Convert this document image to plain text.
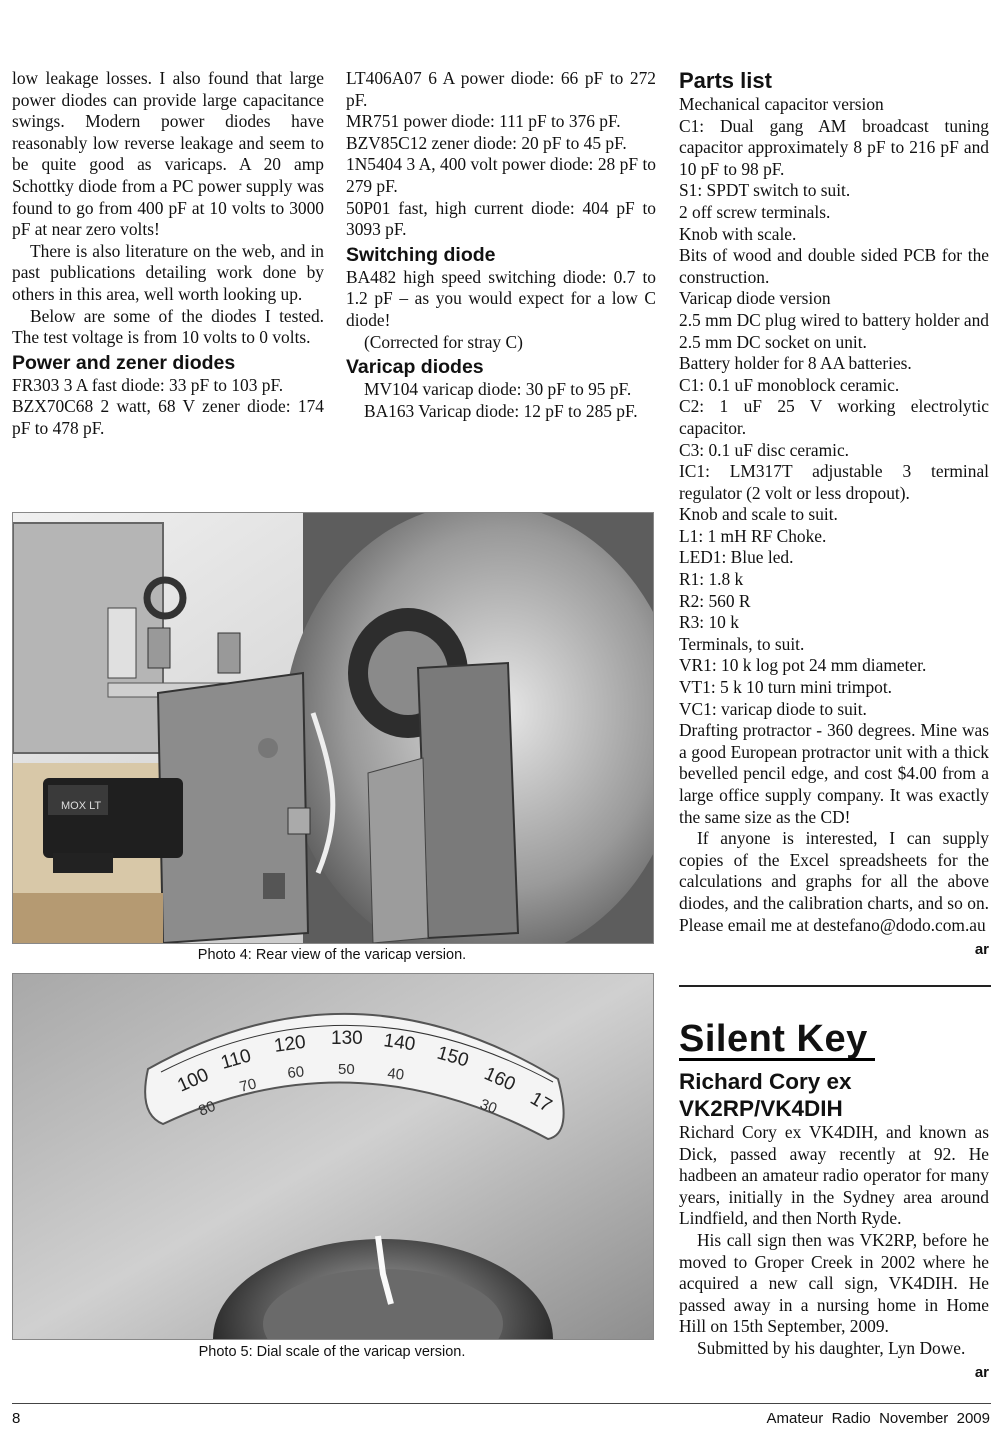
low leakage losses. I also found that large power diodes can provide large capacitance swings. Modern power diodes have reasonably low reverse leakage and seem to be quite good as varicaps. A 20 amp Schottky diode from a PC power supply was found to go from 400 pF at 10 volts to 3000 pF at near zero volts!

There is also literature on the web, and in past publications detailing work done by others in this area, well worth looking up.

Below are some of the diodes I tested. The test voltage is from 10 volts to 0 volts.

Power and zener diodes

FR303 3 A fast diode: 33 pF to 103 pF.

BZX70C68 2 watt, 68 V zener diode: 174 pF to 478 pF.

LT406A07 6 A power diode: 66 pF to 272 pF.

MR751 power diode: 111 pF to 376 pF.

BZV85C12 zener diode: 20 pF to 45 pF.

1N5404 3 A, 400 volt power diode: 28 pF to 279 pF.

50P01 fast, high current diode: 404 pF to 3093 pF.

Switching diode

BA482 high speed switching diode: 0.7 to 1.2 pF – as you would expect for a low C diode!

(Corrected for stray C)

Varicap diodes

MV104 varicap diode: 30 pF to 95 pF.

BA163 Varicap diode: 12 pF to 285 pF.

Parts list

Mechanical capacitor version

C1: Dual gang AM broadcast tuning capacitor approximately 8 pF to 216 pF and 10 pF to 98 pF.

S1: SPDT switch to suit.

2 off screw terminals.

Knob with scale.

Bits of wood and double sided PCB for the construction.

Varicap diode version

2.5 mm DC plug wired to battery holder and 2.5 mm DC socket on unit.

Battery holder for 8 AA batteries.

C1: 0.1 uF monoblock ceramic.

C2: 1 uF 25 V working electrolytic capacitor.

C3: 0.1 uF disc ceramic.

IC1: LM317T adjustable 3 terminal regulator (2 volt or less dropout).

Knob and scale to suit.

L1: 1 mH RF Choke.

LED1: Blue led.

R1: 1.8 k

R2: 560 R

R3: 10 k

Terminals, to suit.

VR1: 10 k log pot 24 mm diameter.

VT1: 5 k 10 turn mini trimpot.

VC1: varicap diode to suit.

Drafting protractor - 360 degrees. Mine was a good European protractor unit with a thick bevelled pencil edge, and cost $4.00 from a large office supply company. It was exactly the same size as the CD!

If anyone is interested, I can supply copies of the Excel spreadsheets for the calculations and graphs for all the above diodes, and the calibration charts, and so on. Please email me at destefano@dodo.com.au

ar
Silent Key
Richard Cory ex VK2RP/VK4DIH

Richard Cory ex VK4DIH, and known as Dick, passed away recently at 92. He hadbeen an amateur radio operator for many years, initially in the Sydney area around Lindfield, and then North Ryde.

His call sign then was VK2RP, before he moved to Groper Creek in 2002 where he acquired a new call sign, VK4DIH. He passed away in a nursing home in Home Hill on 15th September, 2009.

Submitted by his daughter, Lyn Dowe.
ar

MOX LT
Photo 4: Rear view of the varicap version.
100
110
120 130 140 150
160
17
80
70
60 50 40
30
Photo 5: Dial scale of the varicap version.
8	Amateur  Radio  November  2009
